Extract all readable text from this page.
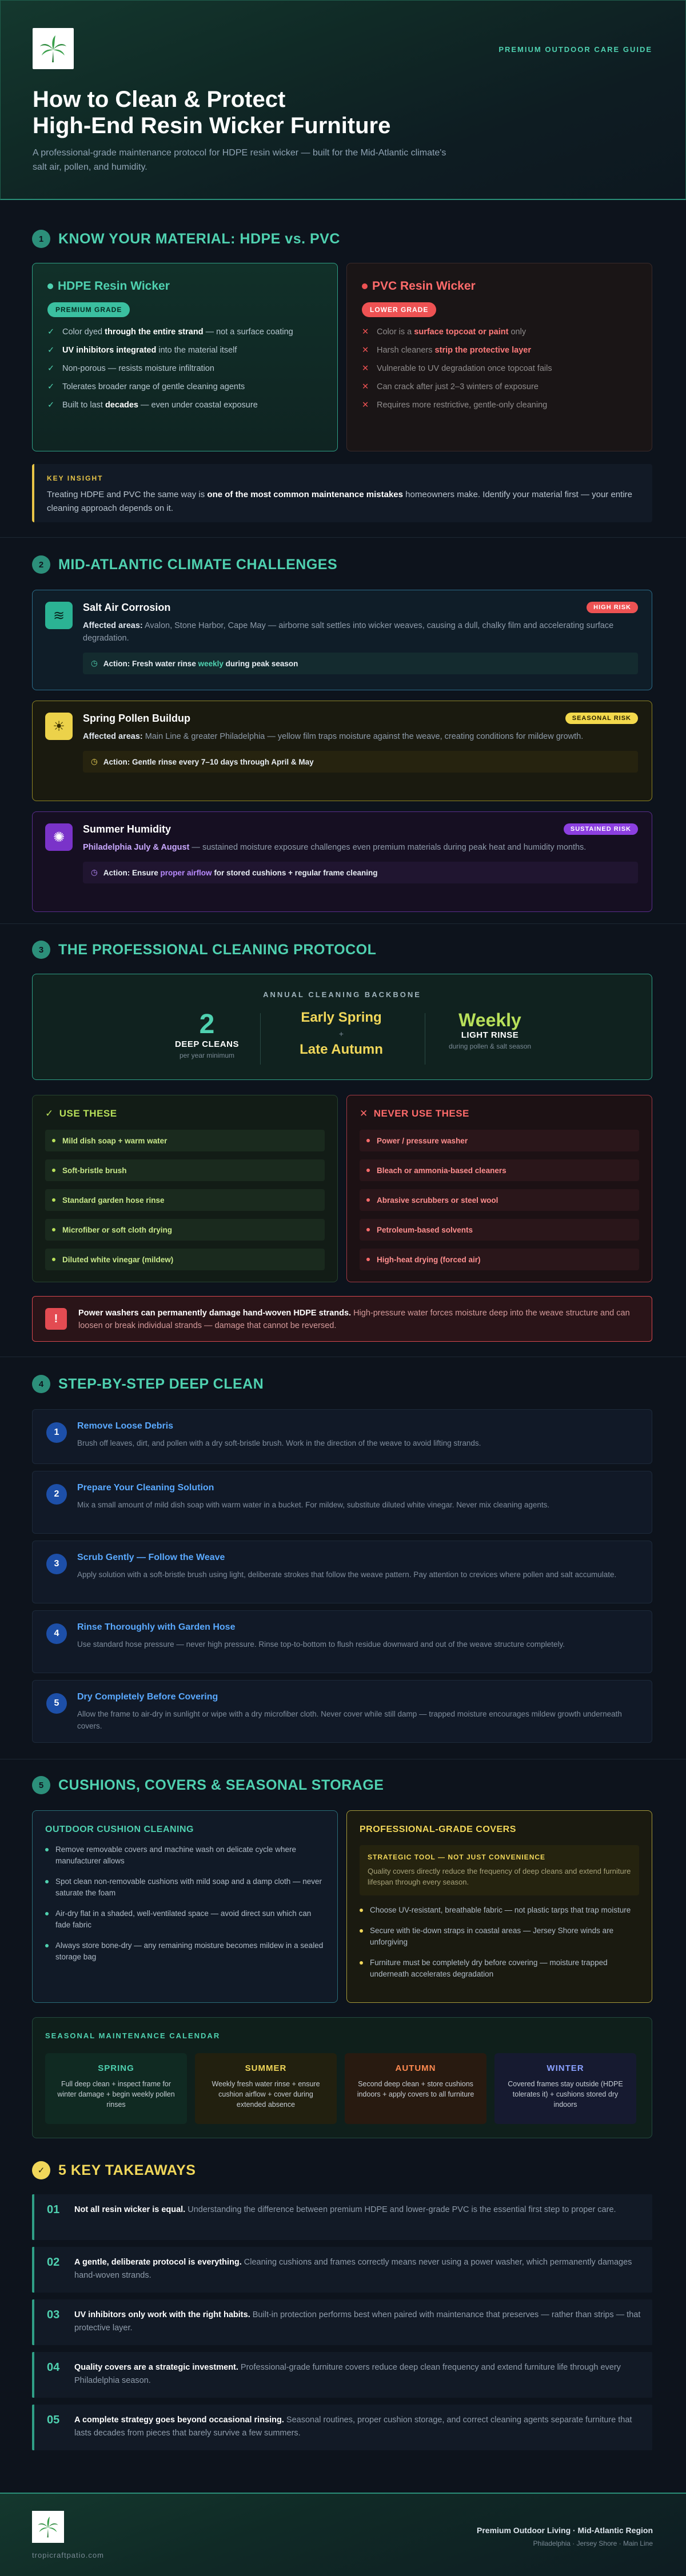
PREMIUM OUTDOOR CARE GUIDE
How to Clean & Protect
High-End Resin Wicker Furniture
A professional-grade maintenance protocol for HDPE resin wicker — built for the Mid-Atlantic climate's salt air, pollen, and humidity.
1	KNOW YOUR MATERIAL: HDPE vs. PVC
HDPE Resin Wicker
PREMIUM GRADE
✓ Color dyed through the entire strand — not a surface coating
✓ UV inhibitors integrated into the material itself
✓ Non-porous — resists moisture infiltration
✓ Tolerates broader range of gentle cleaning agents
✓ Built to last decades — even under coastal exposure
PVC Resin Wicker
LOWER GRADE
✕ Color is a surface topcoat or paint only
✕ Harsh cleaners strip the protective layer
✕ Vulnerable to UV degradation once topcoat fails
✕ Can crack after just 2–3 winters of exposure
✕ Requires more restrictive, gentle-only cleaning
KEY INSIGHT
Treating HDPE and PVC the same way is one of the most common maintenance mistakes homeowners make. Identify your material first — your entire cleaning approach depends on it.
2	MID-ATLANTIC CLIMATE CHALLENGES
≋
Salt Air Corrosion	HIGH RISK
Affected areas: Avalon, Stone Harbor, Cape May — airborne salt settles into wicker weaves, causing a dull, chalky film and accelerating surface degradation.
◷ Action: Fresh water rinse weekly during peak season
☀
Spring Pollen Buildup	SEASONAL RISK
Affected areas: Main Line & greater Philadelphia — yellow film traps moisture against the weave, creating conditions for mildew growth.
◷ Action: Gentle rinse every 7–10 days through April & May
✺
Summer Humidity	SUSTAINED RISK
Philadelphia July & August — sustained moisture exposure challenges even premium materials during peak heat and humidity months.
◷ Action: Ensure proper airflow for stored cushions + regular frame cleaning
3	THE PROFESSIONAL CLEANING PROTOCOL
ANNUAL CLEANING BACKBONE
2
DEEP CLEANS
per year minimum
Early Spring
+
Late Autumn
Weekly
LIGHT RINSE
during pollen & salt season
✓ USE THESE
Mild dish soap + warm water
Soft-bristle brush
Standard garden hose rinse
Microfiber or soft cloth drying
Diluted white vinegar (mildew)
✕ NEVER USE THESE
Power / pressure washer
Bleach or ammonia-based cleaners
Abrasive scrubbers or steel wool
Petroleum-based solvents
High-heat drying (forced air)
!	Power washers can permanently damage hand-woven HDPE strands. High-pressure water forces moisture deep into the weave structure and can loosen or break individual strands — damage that cannot be reversed.
4	STEP-BY-STEP DEEP CLEAN
1
Remove Loose Debris

Brush off leaves, dirt, and pollen with a dry soft-bristle brush. Work in the direction of the weave to avoid lifting strands.

2
Prepare Your Cleaning Solution

Mix a small amount of mild dish soap with warm water in a bucket. For mildew, substitute diluted white vinegar. Never mix cleaning agents.

3
Scrub Gently — Follow the Weave

Apply solution with a soft-bristle brush using light, deliberate strokes that follow the weave pattern. Pay attention to crevices where pollen and salt accumulate.

4
Rinse Thoroughly with Garden Hose

Use standard hose pressure — never high pressure. Rinse top-to-bottom to flush residue downward and out of the weave structure completely.

5
Dry Completely Before Covering

Allow the frame to air-dry in sunlight or wipe with a dry microfiber cloth. Never cover while still damp — trapped moisture encourages mildew growth underneath covers.

5	CUSHIONS, COVERS & SEASONAL STORAGE
OUTDOOR CUSHION CLEANING
Remove removable covers and machine wash on delicate cycle where manufacturer allows
Spot clean non-removable cushions with mild soap and a damp cloth — never saturate the foam
Air-dry flat in a shaded, well-ventilated space — avoid direct sun which can fade fabric
Always store bone-dry — any remaining moisture becomes mildew in a sealed storage bag
PROFESSIONAL-GRADE COVERS
STRATEGIC TOOL — NOT JUST CONVENIENCE
Quality covers directly reduce the frequency of deep cleans and extend furniture lifespan through every season.
Choose UV-resistant, breathable fabric — not plastic tarps that trap moisture
Secure with tie-down straps in coastal areas — Jersey Shore winds are unforgiving
Furniture must be completely dry before covering — moisture trapped underneath accelerates degradation
SEASONAL MAINTENANCE CALENDAR
SPRING
Full deep clean + inspect frame for winter damage + begin weekly pollen rinses
SUMMER
Weekly fresh water rinse + ensure cushion airflow + cover during extended absence
AUTUMN
Second deep clean + store cushions indoors + apply covers to all furniture
WINTER
Covered frames stay outside (HDPE tolerates it) + cushions stored dry indoors
✓ 5 KEY TAKEAWAYS
01 Not all resin wicker is equal. Understanding the difference between premium HDPE and lower-grade PVC is the essential first step to proper care.

02 A gentle, deliberate protocol is everything. Cleaning cushions and frames correctly means never using a power washer, which permanently damages hand-woven strands.

03 UV inhibitors only work with the right habits. Built-in protection performs best when paired with maintenance that preserves — rather than strips — that protective layer.

04 Quality covers are a strategic investment. Professional-grade furniture covers reduce deep clean frequency and extend furniture life through every Philadelphia season.

05 A complete strategy goes beyond occasional rinsing. Seasonal routines, proper cushion storage, and correct cleaning agents separate furniture that lasts decades from pieces that barely survive a few summers.

tropicraftpatio.com
Premium Outdoor Living · Mid-Atlantic Region
Philadelphia · Jersey Shore · Main Line
